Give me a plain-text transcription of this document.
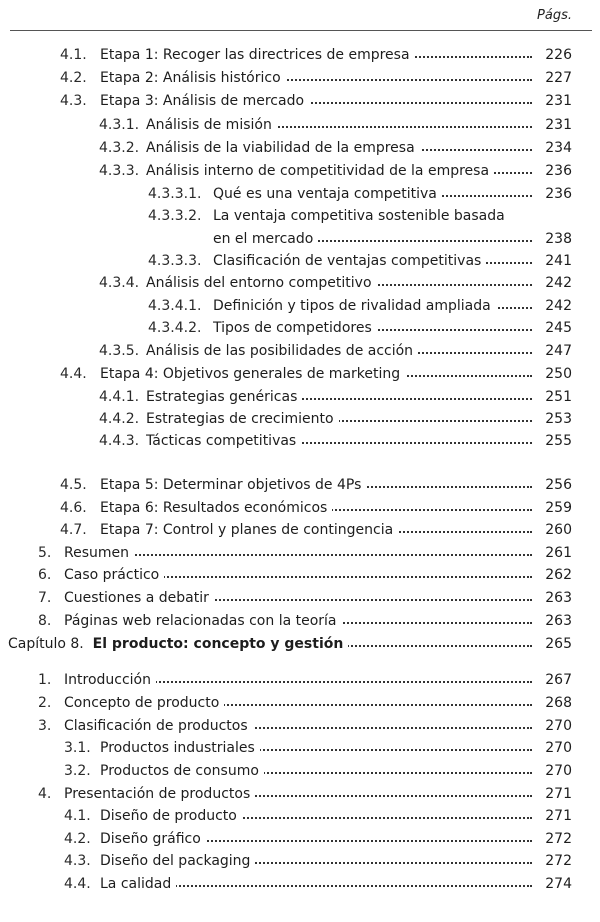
Págs.
4.1. Etapa 1: Recoger las directrices de empresa	226
4.2. Etapa 2: Análisis histórico	227
4.3. Etapa 3: Análisis de mercado	231
4.3.1. Análisis de misión	231
4.3.2. Análisis de la viabilidad de la empresa	234
4.3.3. Análisis interno de competitividad de la empresa	236
4.3.3.1. Qué es una ventaja competitiva	236
4.3.3.2. La ventaja competitiva sostenible basada
en el mercado	238
4.3.3.3. Clasificación de ventajas competitivas	241
4.3.4. Análisis del entorno competitivo	242
4.3.4.1. Definición y tipos de rivalidad ampliada	242
4.3.4.2. Tipos de competidores	245
4.3.5. Análisis de las posibilidades de acción	247
4.4. Etapa 4: Objetivos generales de marketing	250
4.4.1. Estrategias genéricas	251
4.4.2. Estrategias de crecimiento	253
4.4.3. Tácticas competitivas	255
4.5. Etapa 5: Determinar objetivos de 4Ps	256
4.6. Etapa 6: Resultados económicos	259
4.7. Etapa 7: Control y planes de contingencia	260
5. Resumen	261
6. Caso práctico	262
7. Cuestiones a debatir	263
8. Páginas web relacionadas con la teoría	263
Capítulo 8. El producto: concepto y gestión	265
1. Introducción	267
2. Concepto de producto	268
3. Clasificación de productos	270
3.1. Productos industriales	270
3.2. Productos de consumo	270
4. Presentación de productos	271
4.1. Diseño de producto	271
4.2. Diseño gráfico	272
4.3. Diseño del packaging	272
4.4. La calidad	274
